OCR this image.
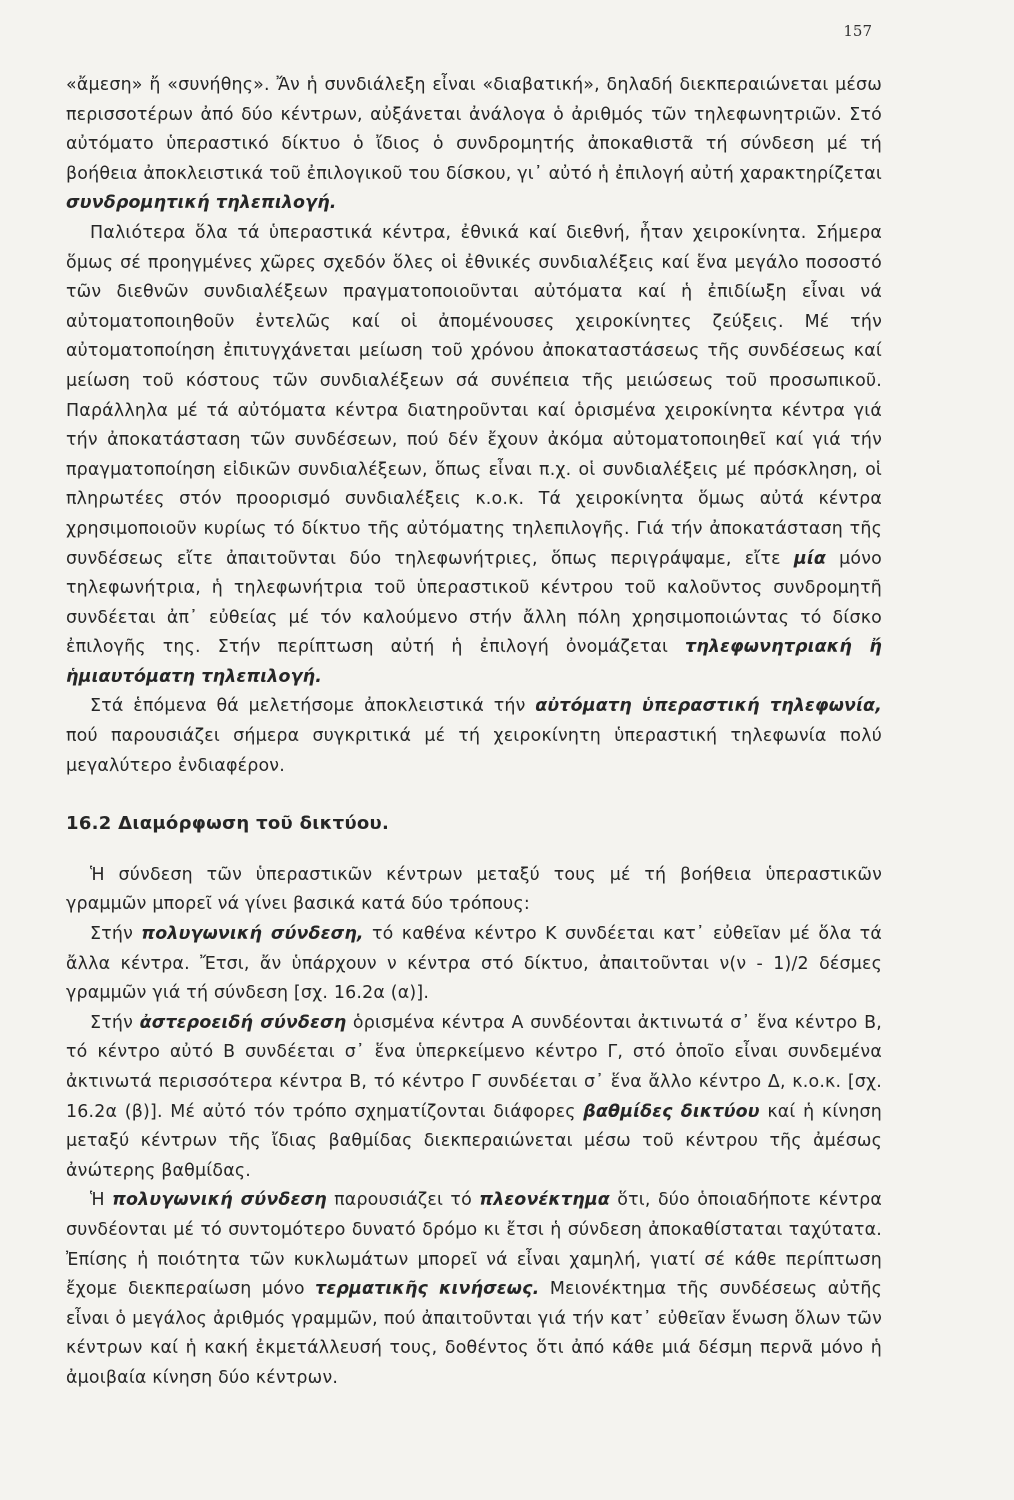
157

«ἄμεση» ἤ «συνήθης». Ἄν ἡ συνδιάλεξη εἶναι «διαβατική», δηλαδή διεκπεραιώνεται μέσω περισσοτέρων ἀπό δύο κέντρων, αὐξάνεται ἀνάλογα ὁ ἀριθμός τῶν τηλεφωνητριῶν. Στό αὐτόματο ὑπεραστικό δίκτυο ὁ ἴδιος ὁ συνδρομητής ἀποκαθιστᾶ τή σύνδεση μέ τή βοήθεια ἀποκλειστικά τοῦ ἐπιλογικοῦ του δίσκου, γι᾽ αὐτό ἡ ἐπιλογή αὐτή χαρακτηρίζεται συνδρομητική τηλεπιλογή.

Παλιότερα ὅλα τά ὑπεραστικά κέντρα, ἐθνικά καί διεθνή, ἦταν χειροκίνητα. Σήμερα ὅμως σέ προηγμένες χῶρες σχεδόν ὅλες οἱ ἐθνικές συνδιαλέξεις καί ἕνα μεγάλο ποσοστό τῶν διεθνῶν συνδιαλέξεων πραγματοποιοῦνται αὐτόματα καί ἡ ἐπιδίωξη εἶναι νά αὐτοματοποιηθοῦν ἐντελῶς καί οἱ ἀπομένουσες χειροκίνητες ζεύξεις. Μέ τήν αὐτοματοποίηση ἐπιτυγχάνεται μείωση τοῦ χρόνου ἀποκαταστάσεως τῆς συνδέσεως καί μείωση τοῦ κόστους τῶν συνδιαλέξεων σά συνέπεια τῆς μειώσεως τοῦ προσωπικοῦ. Παράλληλα μέ τά αὐτόματα κέντρα διατηροῦνται καί ὁρισμένα χειροκίνητα κέντρα γιά τήν ἀποκατάσταση τῶν συνδέσεων, πού δέν ἔχουν ἀκόμα αὐτοματοποιηθεῖ καί γιά τήν πραγματοποίηση εἰδικῶν συνδιαλέξεων, ὅπως εἶναι π.χ. οἱ συνδιαλέξεις μέ πρόσκληση, οἱ πληρωτέες στόν προορισμό συνδιαλέξεις κ.ο.κ. Τά χειροκίνητα ὅμως αὐτά κέντρα χρησιμοποιοῦν κυρίως τό δίκτυο τῆς αὐτόματης τηλεπιλογῆς. Γιά τήν ἀποκατάσταση τῆς συνδέσεως εἴτε ἀπαιτοῦνται δύο τηλεφωνήτριες, ὅπως περιγράψαμε, εἴτε μία μόνο τηλεφωνήτρια, ἡ τηλεφωνήτρια τοῦ ὑπεραστικοῦ κέντρου τοῦ καλοῦντος συνδρομητῆ συνδέεται ἀπ᾽ εὐθείας μέ τόν καλούμενο στήν ἄλλη πόλη χρησιμοποιώντας τό δίσκο ἐπιλογῆς της. Στήν περίπτωση αὐτή ἡ ἐπιλογή ὀνομάζεται τηλεφωνητριακή ἤ ἡμιαυτόματη τηλεπιλογή.

Στά ἑπόμενα θά μελετήσομε ἀποκλειστικά τήν αὐτόματη ὑπεραστική τηλεφωνία, πού παρουσιάζει σήμερα συγκριτικά μέ τή χειροκίνητη ὑπεραστική τηλεφωνία πολύ μεγαλύτερο ἐνδιαφέρον.

16.2 Διαμόρφωση τοῦ δικτύου.

Ἡ σύνδεση τῶν ὑπεραστικῶν κέντρων μεταξύ τους μέ τή βοήθεια ὑπεραστικῶν γραμμῶν μπορεῖ νά γίνει βασικά κατά δύο τρόπους:

Στήν πολυγωνική σύνδεση, τό καθένα κέντρο Κ συνδέεται κατ᾽ εὐθεῖαν μέ ὅλα τά ἄλλα κέντρα. Ἔτσι, ἄν ὑπάρχουν ν κέντρα στό δίκτυο, ἀπαιτοῦνται ν(ν - 1)/2 δέσμες γραμμῶν γιά τή σύνδεση [σχ. 16.2α (α)].

Στήν ἀστεροειδή σύνδεση ὁρισμένα κέντρα Α συνδέονται ἀκτινωτά σ᾽ ἕνα κέντρο Β, τό κέντρο αὐτό Β συνδέεται σ᾽ ἕνα ὑπερκείμενο κέντρο Γ, στό ὁποῖο εἶναι συνδεμένα ἀκτινωτά περισσότερα κέντρα Β, τό κέντρο Γ συνδέεται σ᾽ ἕνα ἄλλο κέντρο Δ, κ.ο.κ. [σχ. 16.2α (β)]. Μέ αὐτό τόν τρόπο σχηματίζονται διάφορες βαθμίδες δικτύου καί ἡ κίνηση μεταξύ κέντρων τῆς ἴδιας βαθμίδας διεκπεραιώνεται μέσω τοῦ κέντρου τῆς ἀμέσως ἀνώτερης βαθμίδας.

Ἡ πολυγωνική σύνδεση παρουσιάζει τό πλεονέκτημα ὅτι, δύο ὁποιαδήποτε κέντρα συνδέονται μέ τό συντομότερο δυνατό δρόμο κι ἔτσι ἡ σύνδεση ἀποκαθίσταται ταχύτατα. Ἐπίσης ἡ ποιότητα τῶν κυκλωμάτων μπορεῖ νά εἶναι χαμηλή, γιατί σέ κάθε περίπτωση ἔχομε διεκπεραίωση μόνο τερματικῆς κινήσεως. Μειονέκτημα τῆς συνδέσεως αὐτῆς εἶναι ὁ μεγάλος ἀριθμός γραμμῶν, πού ἀπαιτοῦνται γιά τήν κατ᾽ εὐθεῖαν ἕνωση ὅλων τῶν κέντρων καί ἡ κακή ἐκμετάλλευσή τους, δοθέντος ὅτι ἀπό κάθε μιά δέσμη περνᾶ μόνο ἡ ἀμοιβαία κίνηση δύο κέντρων.
